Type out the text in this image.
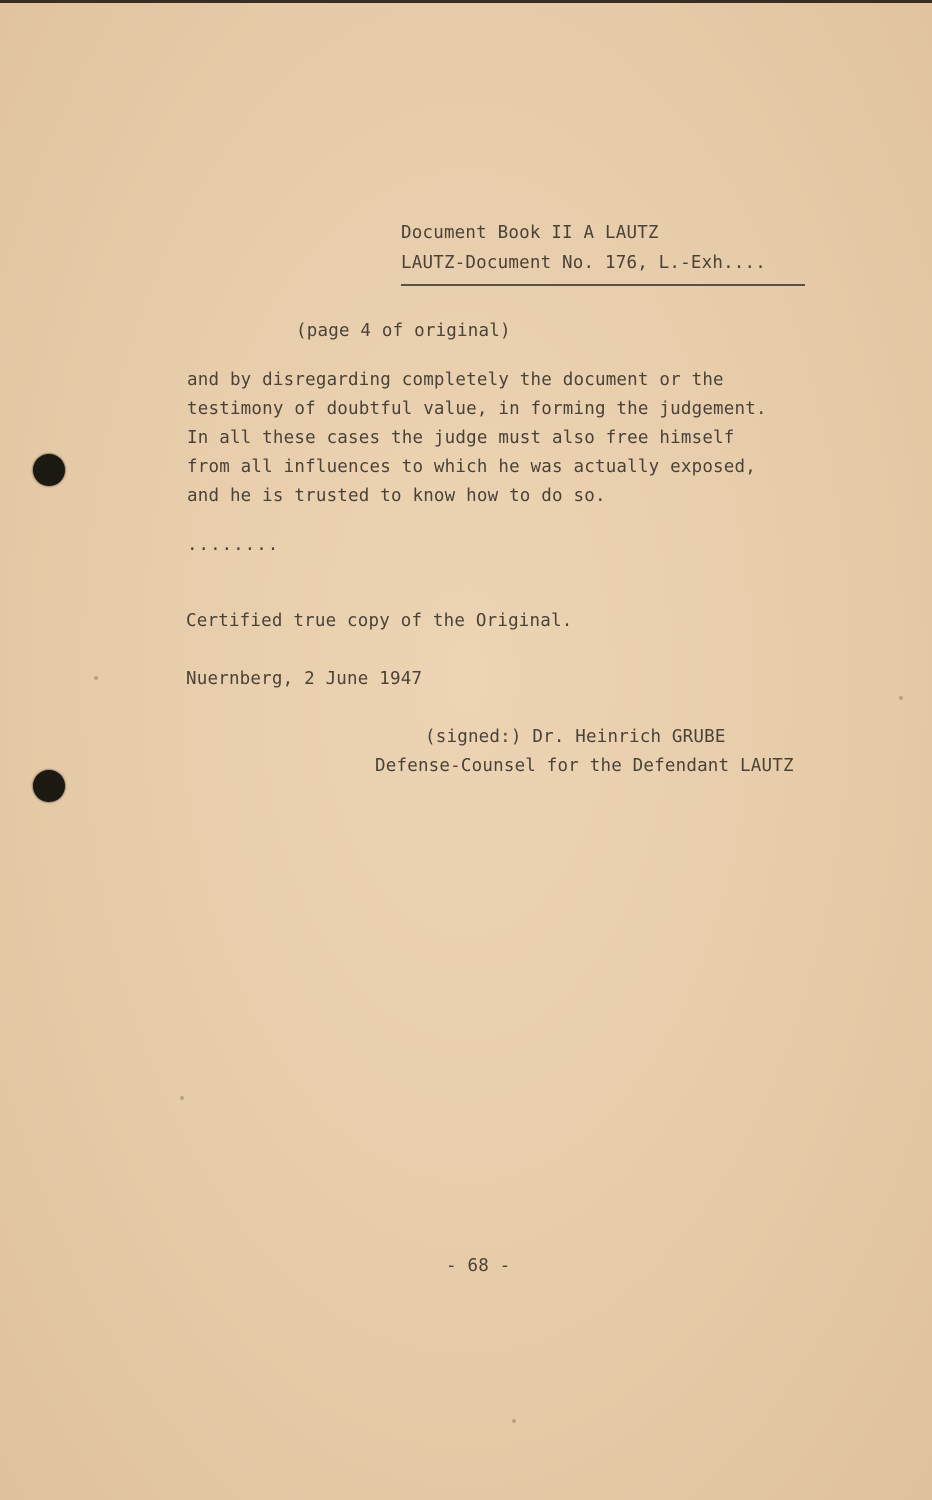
Document Book II A LAUTZ
LAUTZ-Document No. 176, L.-Exh....
(page 4 of original)
and by disregarding completely the document or the
testimony of doubtful value, in forming the judgement.
In all these cases the judge must also free himself
from all influences to which he was actually exposed,
and he is trusted to know how to do so.
........
Certified true copy of the Original.
Nuernberg, 2 June 1947
(signed:) Dr. Heinrich GRUBE
Defense-Counsel for the Defendant LAUTZ
- 68 -
